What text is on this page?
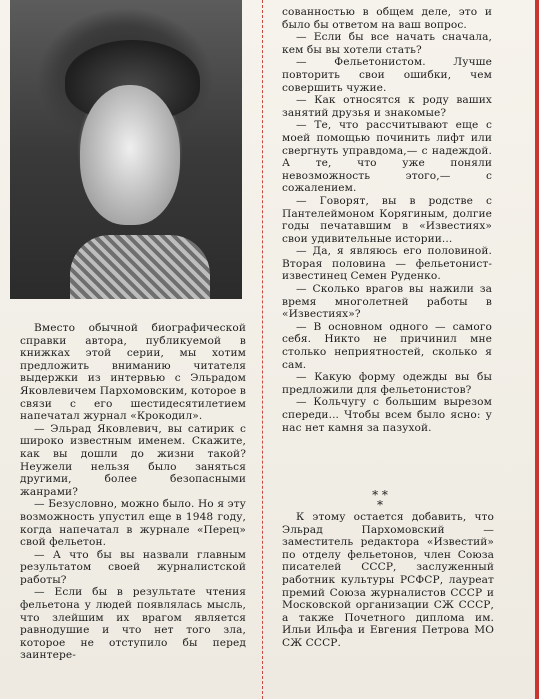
Вместо обычной биографической справки автора, публикуемой в книжках этой серии, мы хотим предложить вниманию читателя выдержки из интервью с Эльрадом Яковлевичем Пархомовским, которое в связи с его шестидесятилетием напечатал журнал «Крокодил».

— Эльрад Яковлевич, вы сатирик с широко известным именем. Скажите, как вы дошли до жизни такой? Неужели нельзя было заняться другими, более безопасными жанрами?

— Безусловно, можно было. Но я эту возможность упустил еще в 1948 году, когда напечатал в журнале «Перец» свой фельетон.

— А что бы вы назвали главным результатом своей журналистской работы?

— Если бы в результате чтения фельетона у людей появлялась мысль, что злейшим их врагом является равнодушие и что нет того зла, которое не отступило бы перед заинтере-

сованностью в общем деле, это и было бы ответом на ваш вопрос.

— Если бы все начать сначала, кем бы вы хотели стать?

— Фельетонистом. Лучше повторить свои ошибки, чем совершить чужие.

— Как относятся к роду ваших занятий друзья и знакомые?

— Те, что рассчитывают еще с моей помощью починить лифт или свергнуть управдома,— с надеждой. А те, что уже поняли невозможность этого,— с сожалением.

— Говорят, вы в родстве с Пантелеймоном Корягиным, долгие годы печатавшим в «Известиях» свои удивительные истории...

— Да, я являюсь его половиной. Вторая половина — фельетонист-известинец Семен Руденко.

— Сколько врагов вы нажили за время многолетней работы в «Известиях»?

— В основном одного — самого себя. Никто не причинил мне столько неприятностей, сколько я сам.

— Какую форму одежды вы бы предложили для фельетонистов?

— Кольчугу с большим вырезом спереди... Чтобы всем было ясно: у нас нет камня за пазухой.

* *
*

К этому остается добавить, что Эльрад Пархомовский — заместитель редактора «Известий» по отделу фельетонов, член Союза писателей СССР, заслуженный работник культуры РСФСР, лауреат премий Союза журналистов СССР и Московской организации СЖ СССР, а также Почетного диплома им. Ильи Ильфа и Евгения Петрова МО СЖ СССР.
